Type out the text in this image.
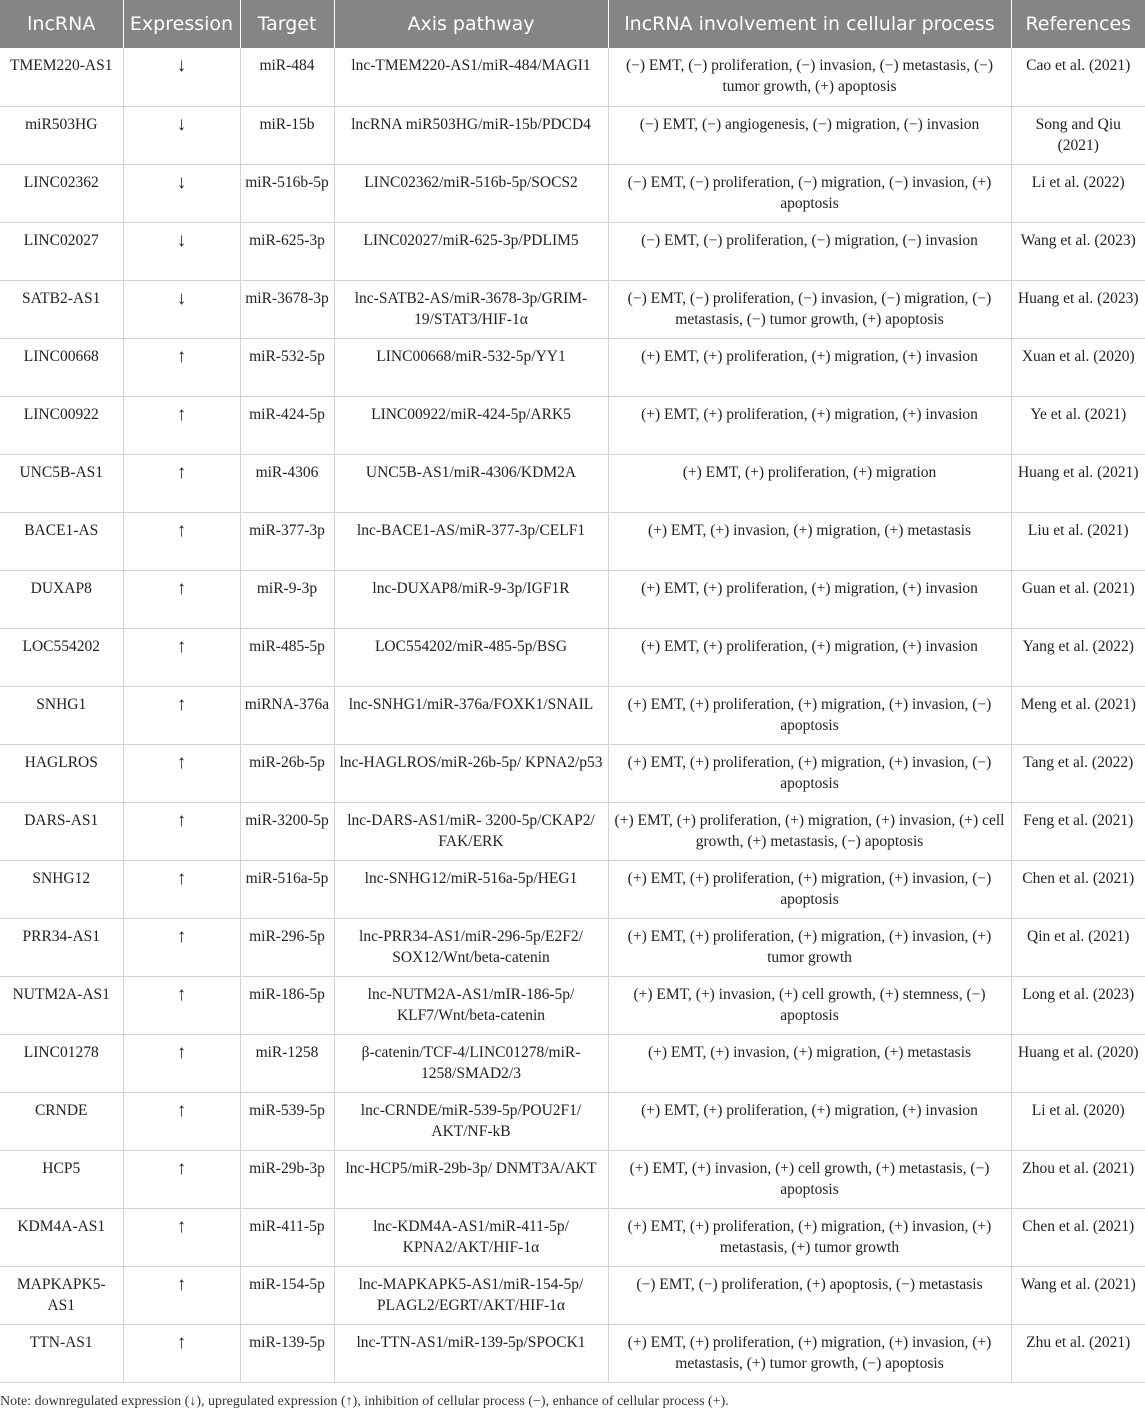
lncRNA	Expression	Target	Axis pathway	lncRNA involvement in cellular process	References
TMEM220-AS1	↓	miR-484	lnc-TMEM220-AS1/miR-484/MAGI1	(−) EMT, (−) proliferation, (−) invasion, (−) metastasis, (−) tumor growth, (+) apoptosis	Cao et al. (2021)
miR503HG	↓	miR-15b	lncRNA miR503HG/miR-15b/PDCD4	(−) EMT, (−) angiogenesis, (−) migration, (−) invasion	Song and Qiu (2021)
LINC02362	↓	miR-516b-5p	LINC02362/miR-516b-5p/SOCS2	(−) EMT, (−) proliferation, (−) migration, (−) invasion, (+) apoptosis	Li et al. (2022)
LINC02027	↓	miR-625-3p	LINC02027/miR-625-3p/PDLIM5	(−) EMT, (−) proliferation, (−) migration, (−) invasion	Wang et al. (2023)
SATB2-AS1	↓	miR-3678-3p	lnc-SATB2-AS/miR-3678-3p/GRIM-19/STAT3/HIF-1α	(−) EMT, (−) proliferation, (−) invasion, (−) migration, (−) metastasis, (−) tumor growth, (+) apoptosis	Huang et al. (2023)
LINC00668	↑	miR-532-5p	LINC00668/miR-532-5p/YY1	(+) EMT, (+) proliferation, (+) migration, (+) invasion	Xuan et al. (2020)
LINC00922	↑	miR-424-5p	LINC00922/miR-424-5p/ARK5	(+) EMT, (+) proliferation, (+) migration, (+) invasion	Ye et al. (2021)
UNC5B-AS1	↑	miR-4306	UNC5B-AS1/miR-4306/KDM2A	(+) EMT, (+) proliferation, (+) migration	Huang et al. (2021)
BACE1-AS	↑	miR-377-3p	lnc-BACE1-AS/miR-377-3p/CELF1	(+) EMT, (+) invasion, (+) migration, (+) metastasis	Liu et al. (2021)
DUXAP8	↑	miR-9-3p	lnc-DUXAP8/miR-9-3p/IGF1R	(+) EMT, (+) proliferation, (+) migration, (+) invasion	Guan et al. (2021)
LOC554202	↑	miR-485-5p	LOC554202/miR-485-5p/BSG	(+) EMT, (+) proliferation, (+) migration, (+) invasion	Yang et al. (2022)
SNHG1	↑	miRNA-376a	lnc-SNHG1/miR-376a/FOXK1/SNAIL	(+) EMT, (+) proliferation, (+) migration, (+) invasion, (−) apoptosis	Meng et al. (2021)
HAGLROS	↑	miR-26b-5p	lnc-HAGLROS/miR-26b-5p/ KPNA2/p53	(+) EMT, (+) proliferation, (+) migration, (+) invasion, (−) apoptosis	Tang et al. (2022)
DARS-AS1	↑	miR-3200-5p	lnc-DARS-AS1/miR- 3200-5p/CKAP2/ FAK/ERK	(+) EMT, (+) proliferation, (+) migration, (+) invasion, (+) cell growth, (+) metastasis, (−) apoptosis	Feng et al. (2021)
SNHG12	↑	miR-516a-5p	lnc-SNHG12/miR-516a-5p/HEG1	(+) EMT, (+) proliferation, (+) migration, (+) invasion, (−) apoptosis	Chen et al. (2021)
PRR34-AS1	↑	miR-296-5p	lnc-PRR34-AS1/miR-296-5p/E2F2/ SOX12/Wnt/beta-catenin	(+) EMT, (+) proliferation, (+) migration, (+) invasion, (+) tumor growth	Qin et al. (2021)
NUTM2A-AS1	↑	miR-186-5p	lnc-NUTM2A-AS1/mIR-186-5p/ KLF7/Wnt/beta-catenin	(+) EMT, (+) invasion, (+) cell growth, (+) stemness, (−) apoptosis	Long et al. (2023)
LINC01278	↑	miR-1258	β-catenin/TCF-4/LINC01278/miR-1258/SMAD2/3	(+) EMT, (+) invasion, (+) migration, (+) metastasis	Huang et al. (2020)
CRNDE	↑	miR-539-5p	lnc-CRNDE/miR-539-5p/POU2F1/ AKT/NF-kB	(+) EMT, (+) proliferation, (+) migration, (+) invasion	Li et al. (2020)
HCP5	↑	miR-29b-3p	lnc-HCP5/miR-29b-3p/ DNMT3A/AKT	(+) EMT, (+) invasion, (+) cell growth, (+) metastasis, (−) apoptosis	Zhou et al. (2021)
KDM4A-AS1	↑	miR-411-5p	lnc-KDM4A-AS1/miR-411-5p/ KPNA2/AKT/HIF-1α	(+) EMT, (+) proliferation, (+) migration, (+) invasion, (+) metastasis, (+) tumor growth	Chen et al. (2021)
MAPKAPK5-AS1	↑	miR-154-5p	lnc-MAPKAPK5-AS1/miR-154-5p/ PLAGL2/EGRT/AKT/HIF-1α	(−) EMT, (−) proliferation, (+) apoptosis, (−) metastasis	Wang et al. (2021)
TTN-AS1	↑	miR-139-5p	lnc-TTN-AS1/miR-139-5p/SPOCK1	(+) EMT, (+) proliferation, (+) migration, (+) invasion, (+) metastasis, (+) tumor growth, (−) apoptosis	Zhu et al. (2021)
Note: downregulated expression (↓), upregulated expression (↑), inhibition of cellular process (−), enhance of cellular process (+).
